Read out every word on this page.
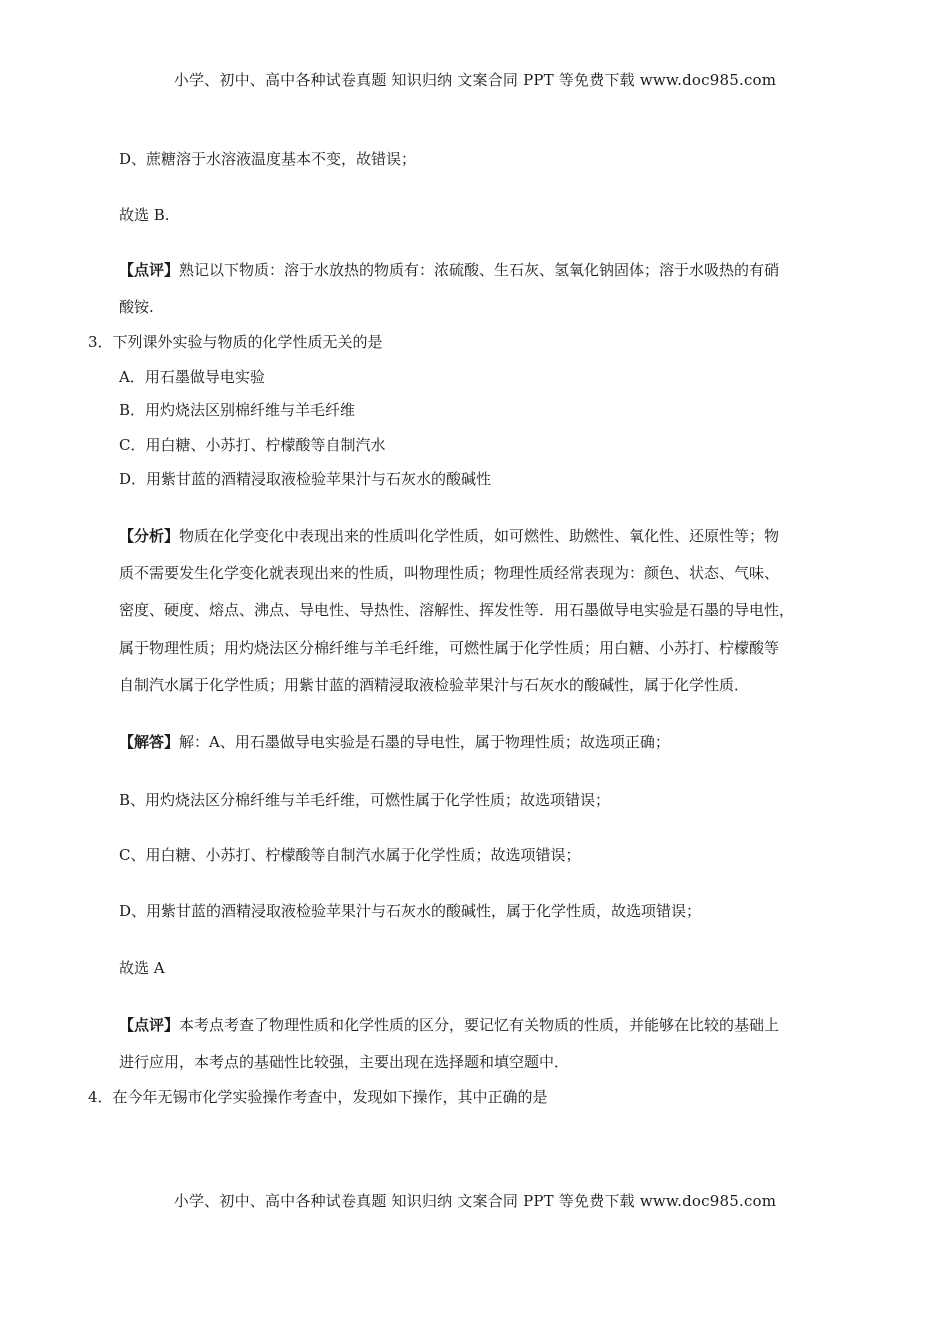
小学、初中、高中各种试卷真题 知识归纳 文案合同 PPT 等免费下载 www.doc985.com
D、蔗糖溶于水溶液温度基本不变，故错误；
故选 B.
【点评】熟记以下物质：溶于水放热的物质有：浓硫酸、生石灰、氢氧化钠固体；溶于水吸热的有硝
酸铵.
3．下列课外实验与物质的化学性质无关的是
A．用石墨做导电实验
B．用灼烧法区别棉纤维与羊毛纤维
C．用白糖、小苏打、柠檬酸等自制汽水
D．用紫甘蓝的酒精浸取液检验苹果汁与石灰水的酸碱性
【分析】物质在化学变化中表现出来的性质叫化学性质，如可燃性、助燃性、氧化性、还原性等；物
质不需要发生化学变化就表现出来的性质，叫物理性质；物理性质经常表现为：颜色、状态、气味、
密度、硬度、熔点、沸点、导电性、导热性、溶解性、挥发性等．用石墨做导电实验是石墨的导电性，
属于物理性质；用灼烧法区分棉纤维与羊毛纤维，可燃性属于化学性质；用白糖、小苏打、柠檬酸等
自制汽水属于化学性质；用紫甘蓝的酒精浸取液检验苹果汁与石灰水的酸碱性，属于化学性质．
【解答】解：A、用石墨做导电实验是石墨的导电性，属于物理性质；故选项正确；
B、用灼烧法区分棉纤维与羊毛纤维，可燃性属于化学性质；故选项错误；
C、用白糖、小苏打、柠檬酸等自制汽水属于化学性质；故选项错误；
D、用紫甘蓝的酒精浸取液检验苹果汁与石灰水的酸碱性，属于化学性质，故选项错误；
故选 A
【点评】本考点考查了物理性质和化学性质的区分，要记忆有关物质的性质，并能够在比较的基础上
进行应用，本考点的基础性比较强，主要出现在选择题和填空题中．
4．在今年无锡市化学实验操作考查中，发现如下操作，其中正确的是
小学、初中、高中各种试卷真题 知识归纳 文案合同 PPT 等免费下载 www.doc985.com
